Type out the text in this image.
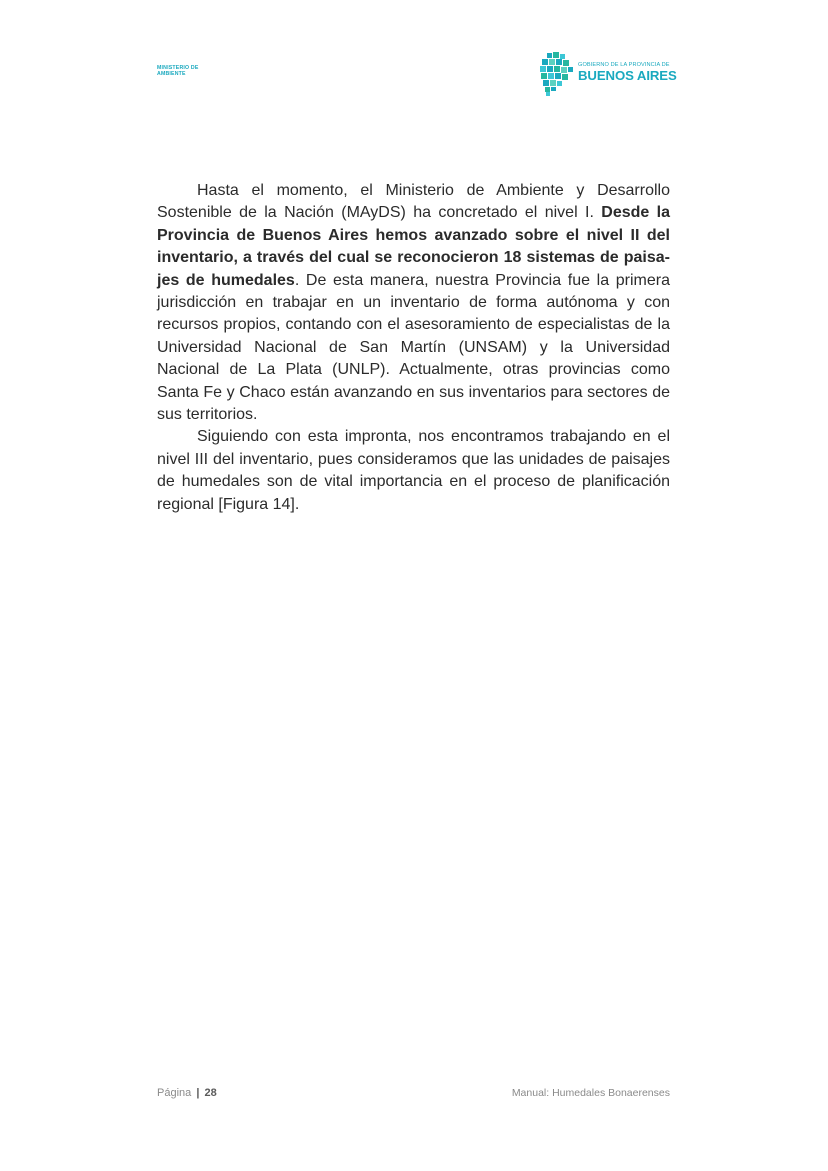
MINISTERIO DE
AMBIENTE
GOBIERNO DE LA PROVINCIA DE
BUENOS AIRES

Hasta el momento, el Ministerio de Ambiente y Desarrollo Sostenible de la Nación (MAyDS) ha concretado el nivel I. Desde la Provincia de Buenos Aires hemos avanzado sobre el nivel II del inventario, a través del cual se reconocieron 18 sistemas de paisa-jes de humedales. De esta manera, nuestra Provincia fue la primera jurisdicción en trabajar en un inventario de forma autónoma y con recursos propios, contando con el asesoramiento de especialistas de la Universidad Nacional de San Martín (UNSAM) y la Universidad Nacional de La Plata (UNLP). Actualmente, otras provincias como Santa Fe y Chaco están avanzando en sus inventarios para sectores de sus territorios.

Siguiendo con esta impronta, nos encontramos trabajando en el nivel III del inventario, pues consideramos que las unidades de paisajes de humedales son de vital importancia en el proceso de planificación regional [Figura 14].

Página | 28	Manual: Humedales Bonaerenses
